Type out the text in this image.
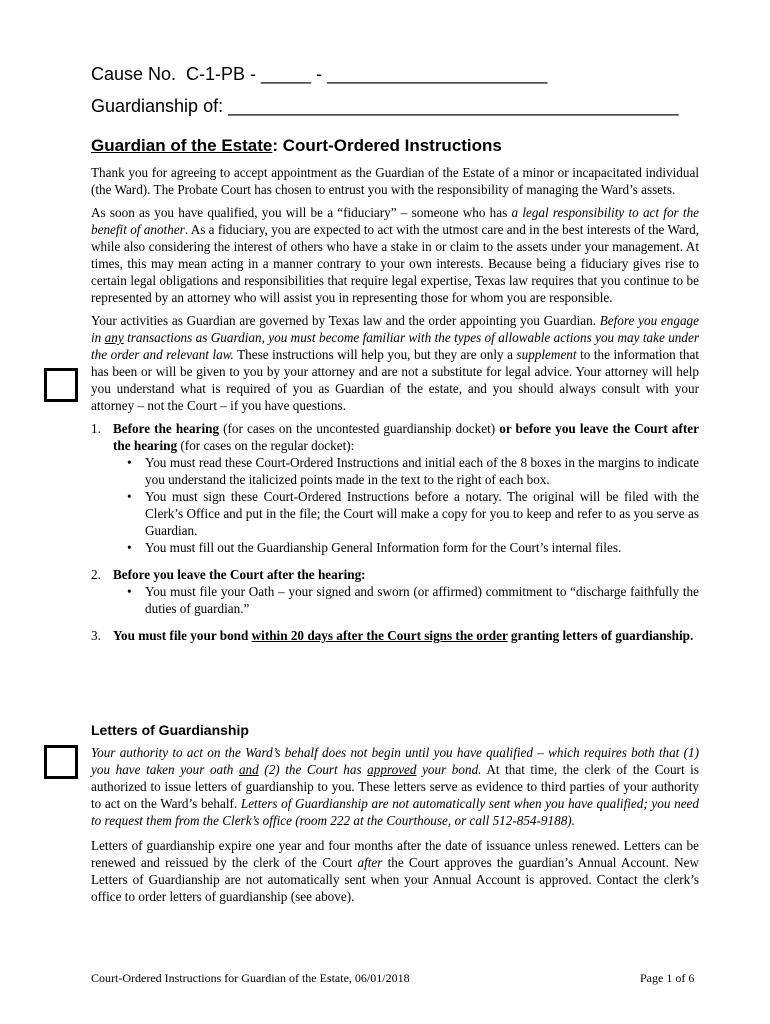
Cause No.  C-1-PB - _____ - ______________________
Guardianship of: _____________________________________________
Guardian of the Estate: Court-Ordered Instructions

Thank you for agreeing to accept appointment as the Guardian of the Estate of a minor or incapacitated individual (the Ward). The Probate Court has chosen to entrust you with the responsibility of managing the Ward’s assets.

As soon as you have qualified, you will be a “fiduciary” – someone who has a legal responsibility to act for the benefit of another. As a fiduciary, you are expected to act with the utmost care and in the best interests of the Ward, while also considering the interest of others who have a stake in or claim to the assets under your management. At times, this may mean acting in a manner contrary to your own interests. Because being a fiduciary gives rise to certain legal obligations and responsibilities that require legal expertise, Texas law requires that you continue to be represented by an attorney who will assist you in representing those for whom you are responsible.

Your activities as Guardian are governed by Texas law and the order appointing you Guardian. Before you engage in any transactions as Guardian, you must become familiar with the types of allowable actions you may take under the order and relevant law. These instructions will help you, but they are only a supplement to the information that has been or will be given to you by your attorney and are not a substitute for legal advice. Your attorney will help you understand what is required of you as Guardian of the estate, and you should always consult with your attorney – not the Court – if you have questions.

1. Before the hearing (for cases on the uncontested guardianship docket) or before you leave the Court after the hearing (for cases on the regular docket):
• You must read these Court-Ordered Instructions and initial each of the 8 boxes in the margins to indicate you understand the italicized points made in the text to the right of each box.
• You must sign these Court-Ordered Instructions before a notary. The original will be filed with the Clerk’s Office and put in the file; the Court will make a copy for you to keep and refer to as you serve as Guardian.
• You must fill out the Guardianship General Information form for the Court’s internal files.
2. Before you leave the Court after the hearing:
• You must file your Oath – your signed and sworn (or affirmed) commitment to “discharge faithfully the duties of guardian.”
3. You must file your bond within 20 days after the Court signs the order granting letters of guardianship.
Letters of Guardianship

Your authority to act on the Ward’s behalf does not begin until you have qualified – which requires both that (1) you have taken your oath and (2) the Court has approved your bond. At that time, the clerk of the Court is authorized to issue letters of guardianship to you. These letters serve as evidence to third parties of your authority to act on the Ward’s behalf. Letters of Guardianship are not automatically sent when you have qualified; you need to request them from the Clerk’s office (room 222 at the Courthouse, or call 512-854-9188).

Letters of guardianship expire one year and four months after the date of issuance unless renewed. Letters can be renewed and reissued by the clerk of the Court after the Court approves the guardian’s Annual Account. New Letters of Guardianship are not automatically sent when your Annual Account is approved. Contact the clerk’s office to order letters of guardianship (see above).

Court-Ordered Instructions for Guardian of the Estate, 06/01/2018	Page 1 of 6
